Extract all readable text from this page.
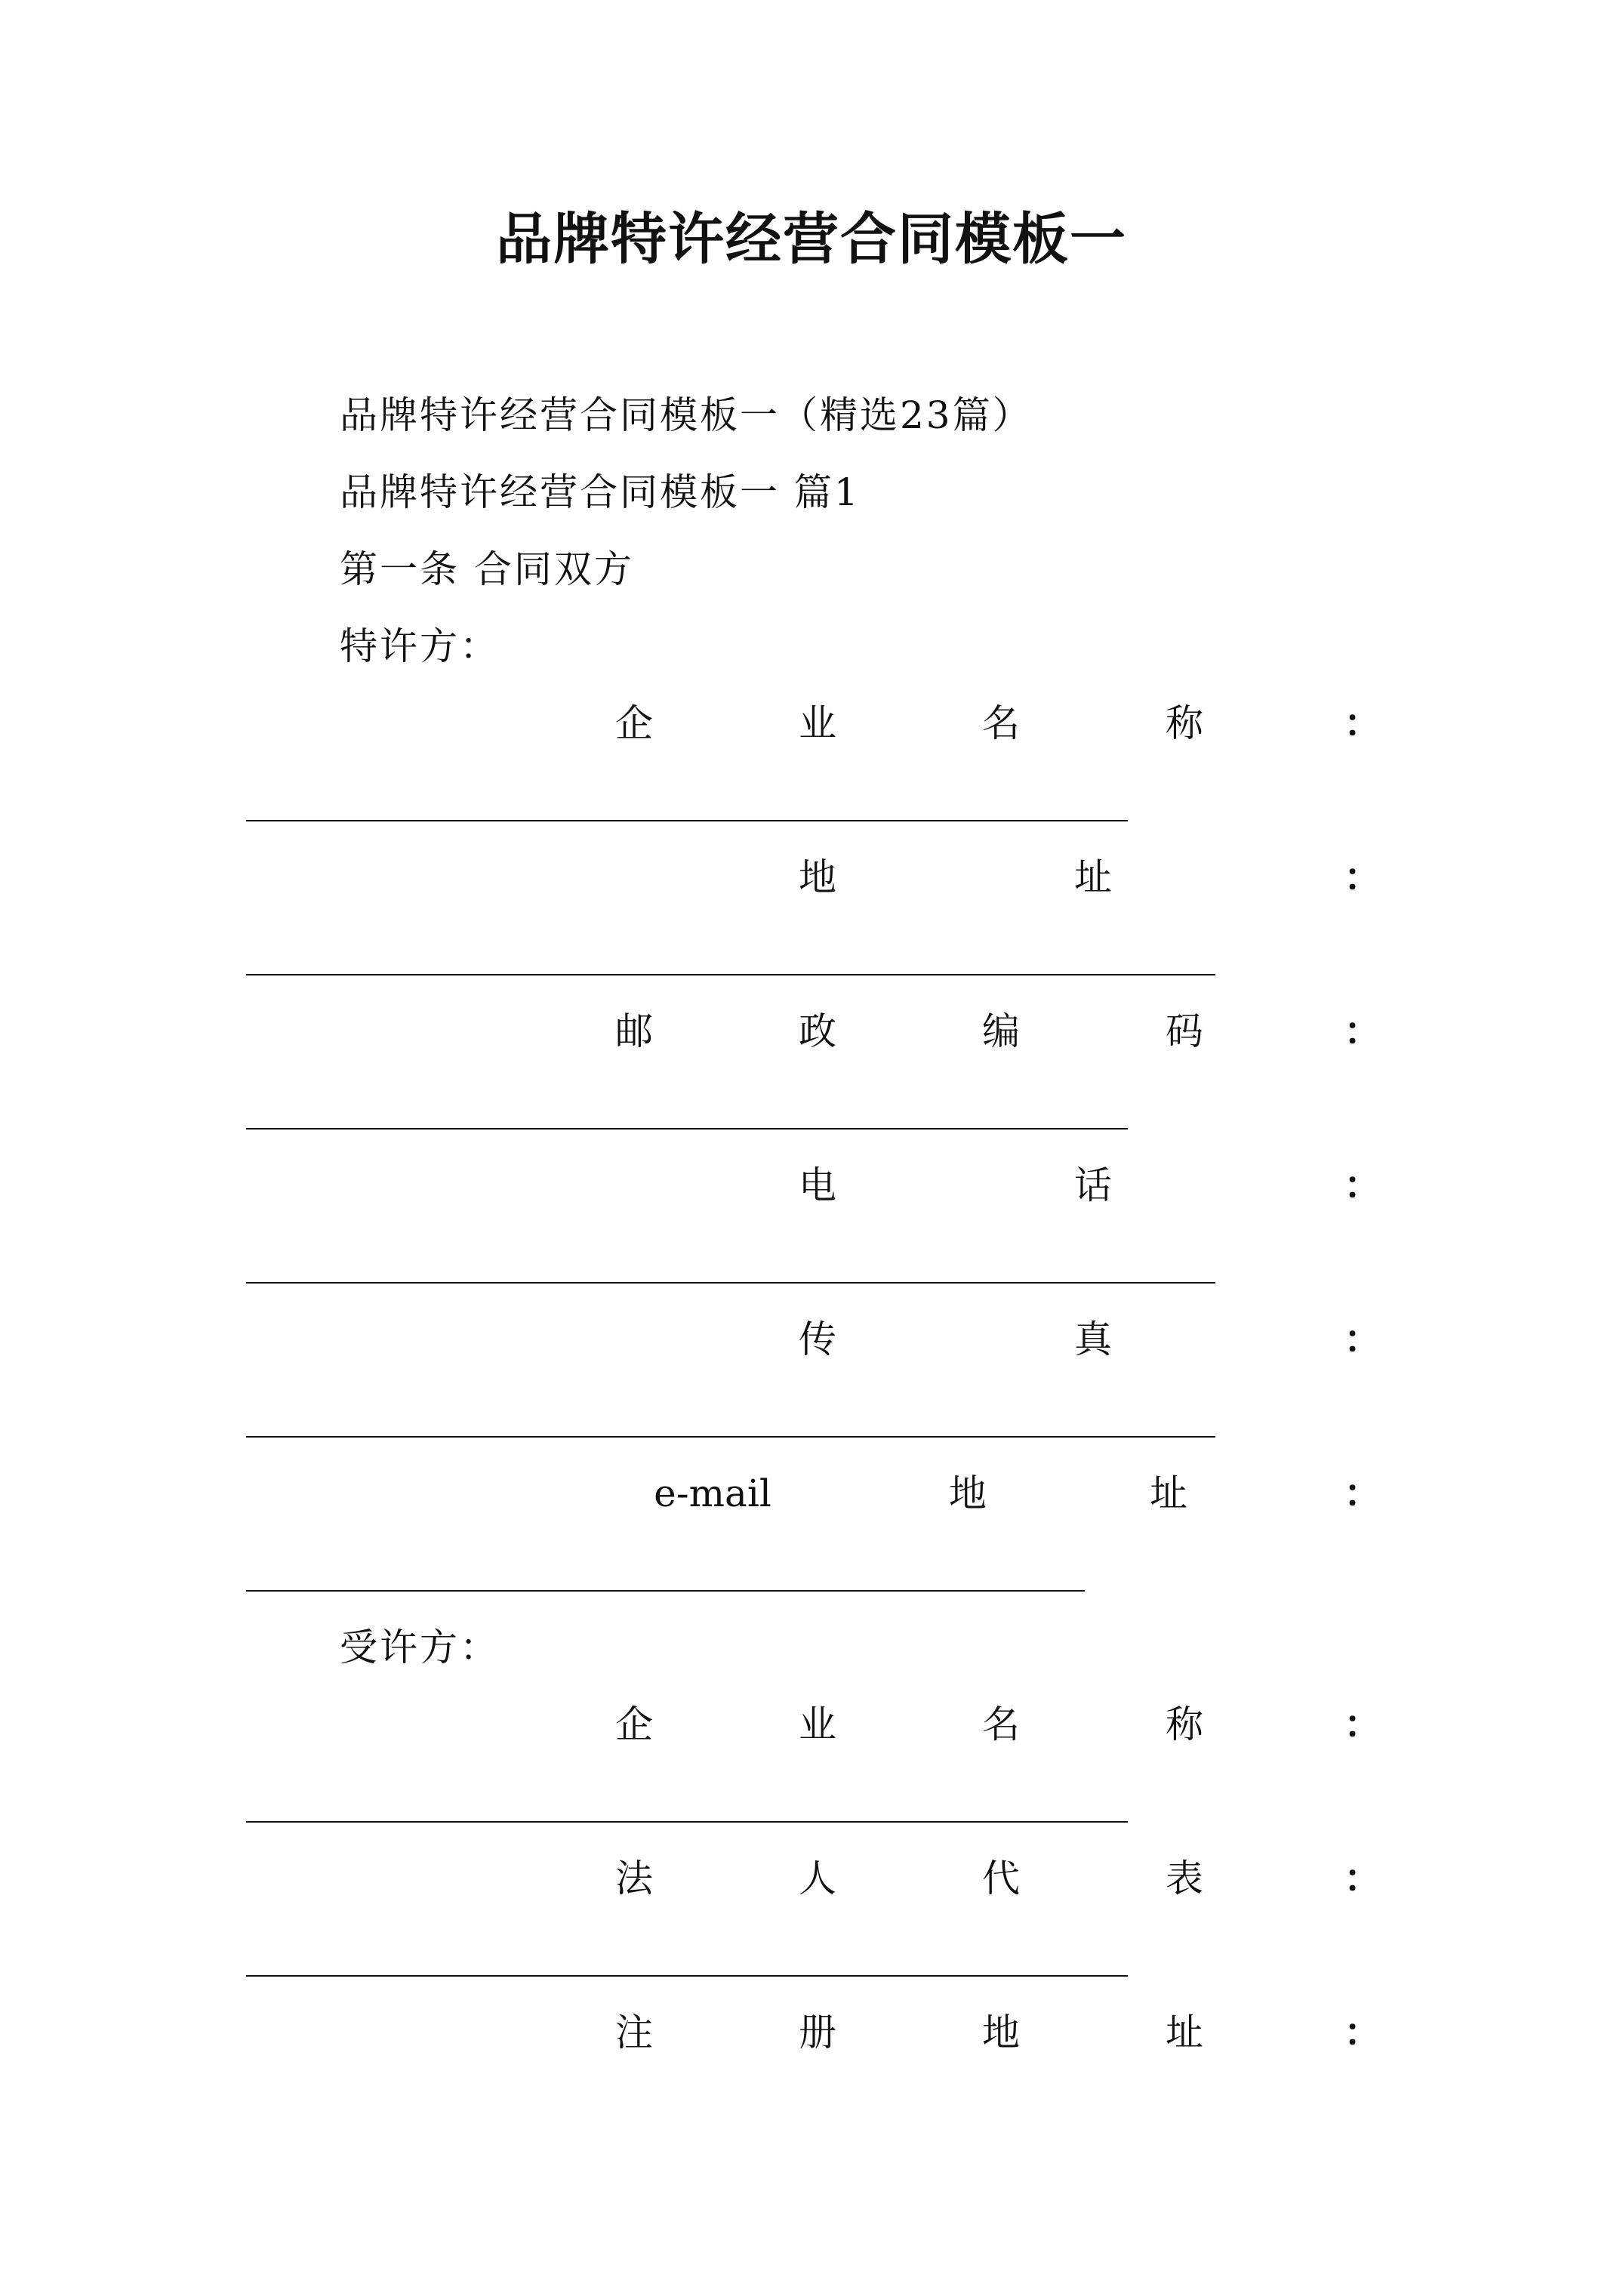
品牌特许经营合同模板一

品牌特许经营合同模板一（精选23篇）

品牌特许经营合同模板一 篇1

第一条 合同双方

特许方：

企	业	名	称	：
地	址	：
邮	政	编	码	：
电	话	：
传	真	：
e-mail	地	址	：

受许方：

企	业	名	称	：
法	人	代	表	：
注	册	地	址	：
